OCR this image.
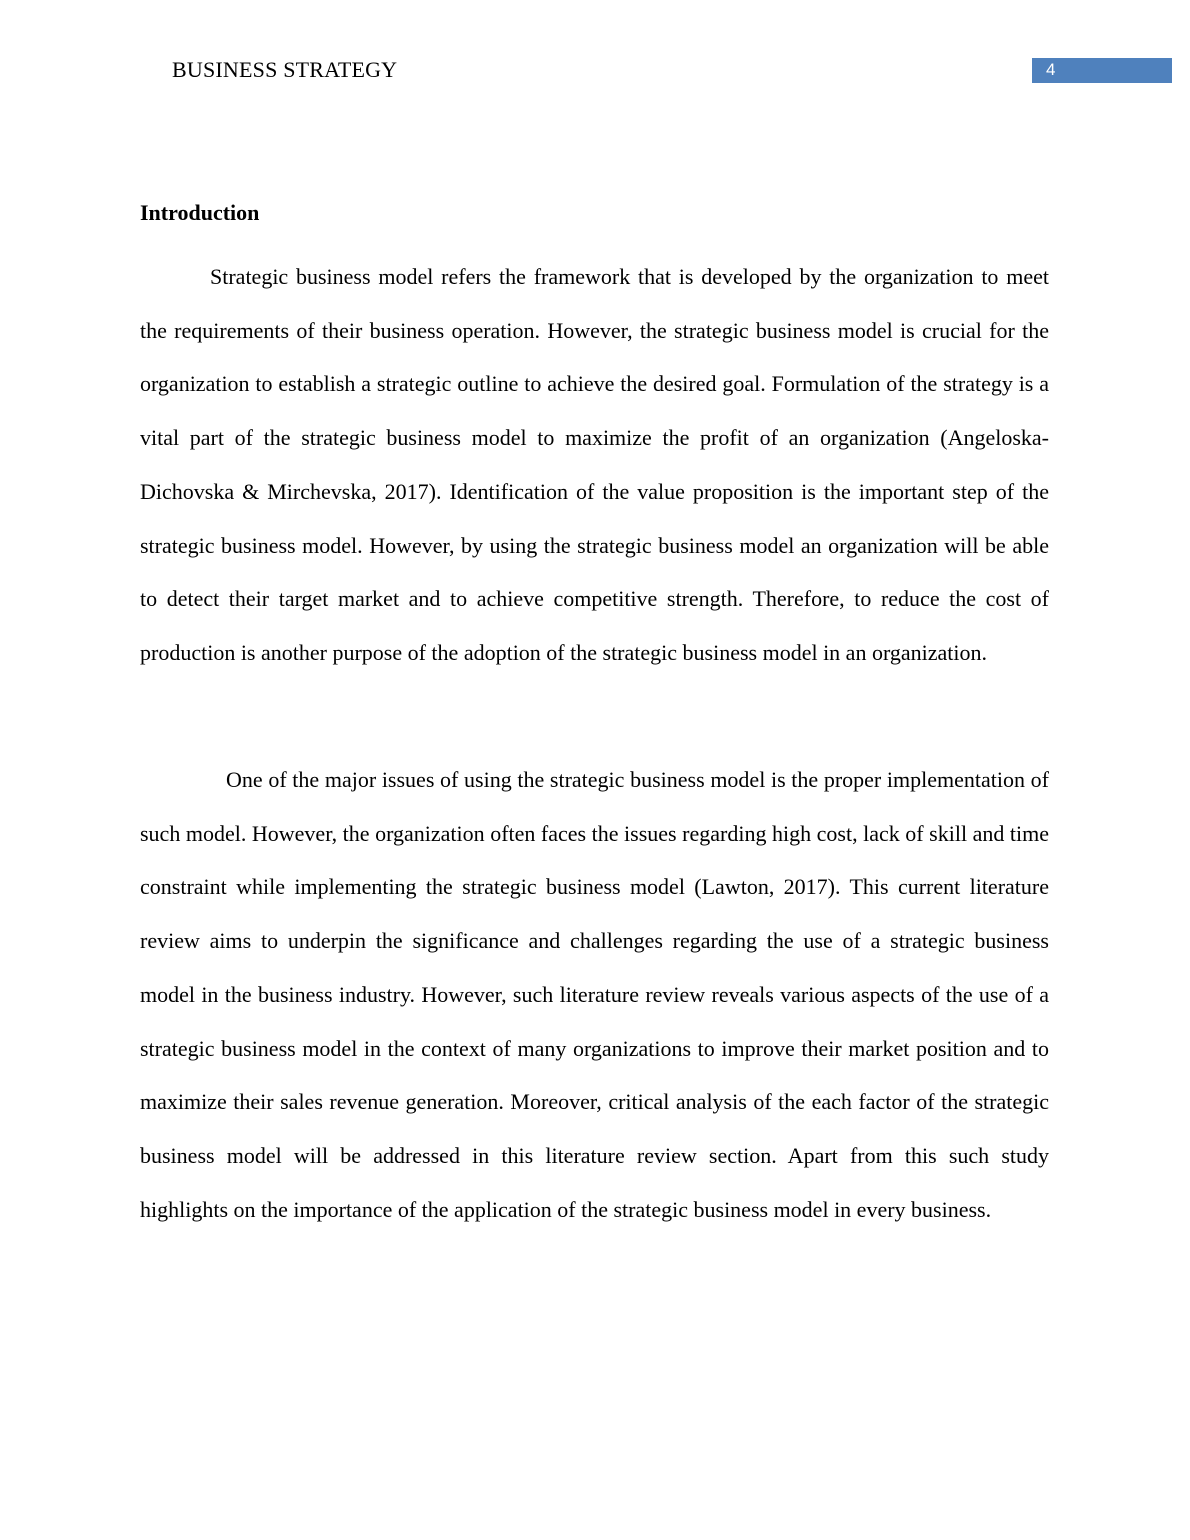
BUSINESS STRATEGY	4
Introduction

Strategic business model refers the framework that is developed by the organization to meet the requirements of their business operation. However, the strategic business model is crucial for the organization to establish a strategic outline to achieve the desired goal. Formulation of the strategy is a vital part of the strategic business model to maximize the profit of an organization (Angeloska-Dichovska & Mirchevska, 2017). Identification of the value proposition is the important step of the strategic business model. However, by using the strategic business model an organization will be able to detect their target market and to achieve competitive strength. Therefore, to reduce the cost of production is another purpose of the adoption of the strategic business model in an organization.

One of the major issues of using the strategic business model is the proper implementation of such model. However, the organization often faces the issues regarding high cost, lack of skill and time constraint while implementing the strategic business model (Lawton, 2017). This current literature review aims to underpin the significance and challenges regarding the use of a strategic business model in the business industry. However, such literature review reveals various aspects of the use of a strategic business model in the context of many organizations to improve their market position and to maximize their sales revenue generation. Moreover, critical analysis of the each factor of the strategic business model will be addressed in this literature review section. Apart from this such study highlights on the importance of the application of the strategic business model in every business.
